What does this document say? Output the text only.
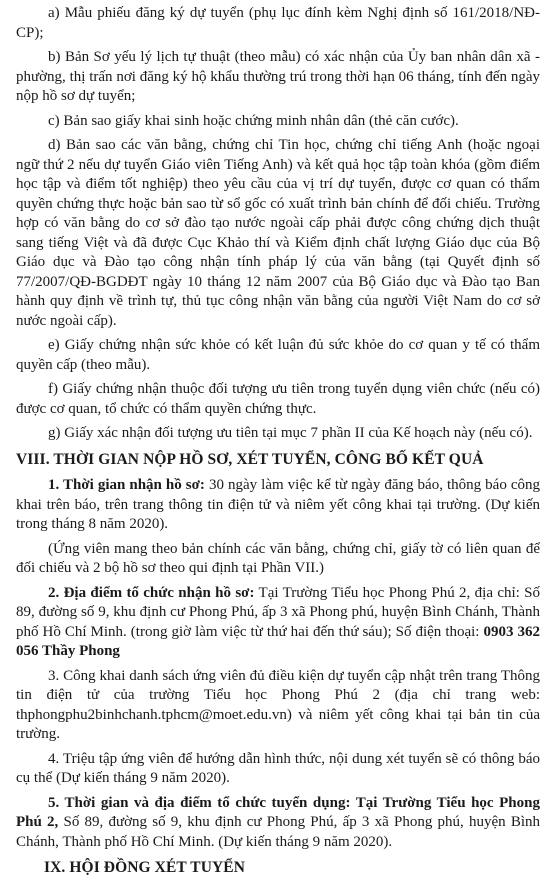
a) Mẫu phiếu đăng ký dự tuyển (phụ lục đính kèm Nghị định số 161/2018/NĐ-CP);

b) Bản Sơ yếu lý lịch tự thuật (theo mẫu) có xác nhận của Ủy ban nhân dân xã - phường, thị trấn nơi đăng ký hộ khẩu thường trú trong thời hạn 06 tháng, tính đến ngày nộp hồ sơ dự tuyển;

c) Bản sao giấy khai sinh hoặc chứng minh nhân dân (thẻ căn cước).

d) Bản sao các văn bằng, chứng chỉ Tin học, chứng chỉ tiếng Anh (hoặc ngoại ngữ thứ 2 nếu dự tuyển Giáo viên Tiếng Anh) và kết quả học tập toàn khóa (gồm điểm học tập và điểm tốt nghiệp) theo yêu cầu của vị trí dự tuyển, được cơ quan có thẩm quyền chứng thực hoặc bản sao từ sổ gốc có xuất trình bản chính để đối chiếu. Trường hợp có văn bằng do cơ sở đào tạo nước ngoài cấp phải được công chứng dịch thuật sang tiếng Việt và đã được Cục Khảo thí và Kiểm định chất lượng Giáo dục của Bộ Giáo dục và Đào tạo công nhận tính pháp lý của văn bằng (tại Quyết định số 77/2007/QĐ-BGDĐT ngày 10 tháng 12 năm 2007 của Bộ Giáo dục và Đào tạo Ban hành quy định về trình tự, thủ tục công nhận văn bằng của người Việt Nam do cơ sở nước ngoài cấp).

e) Giấy chứng nhận sức khỏe có kết luận đủ sức khỏe do cơ quan y tế có thẩm quyền cấp (theo mẫu).

f) Giấy chứng nhận thuộc đối tượng ưu tiên trong tuyển dụng viên chức (nếu có) được cơ quan, tổ chức có thẩm quyền chứng thực.

g) Giấy xác nhận đối tượng ưu tiên tại mục 7 phần II của Kế hoạch này (nếu có).

VIII. THỜI GIAN NỘP HỒ SƠ, XÉT TUYỂN, CÔNG BỐ KẾT QUẢ

1. Thời gian nhận hồ sơ: 30 ngày làm việc kể từ ngày đăng báo, thông báo công khai trên báo, trên trang thông tin điện tử và niêm yết công khai tại trường. (Dự kiến trong tháng 8 năm 2020).

(Ứng viên mang theo bản chính các văn bằng, chứng chỉ, giấy tờ có liên quan để đối chiếu và 2 bộ hồ sơ theo qui định tại Phần VII.)

2. Địa điểm tổ chức nhận hồ sơ: Tại Trường Tiểu học Phong Phú 2, địa chỉ: Số 89, đường số 9, khu định cư Phong Phú, ấp 3 xã Phong phú, huyện Bình Chánh, Thành phố Hồ Chí Minh. (trong giờ làm việc từ thứ hai đến thứ sáu); Số điện thoại: 0903 362 056 Thầy Phong

3. Công khai danh sách ứng viên đủ điều kiện dự tuyển cập nhật trên trang Thông tin điện tử của trường Tiểu học Phong Phú 2 (địa chỉ trang web: thphongphu2binhchanh.tphcm@moet.edu.vn) và niêm yết công khai tại bản tin của trường.

4. Triệu tập ứng viên để hướng dẫn hình thức, nội dung xét tuyển sẽ có thông báo cụ thể (Dự kiến tháng 9 năm 2020).

5. Thời gian và địa điểm tổ chức tuyển dụng: Tại Trường Tiểu học Phong Phú 2, Số 89, đường số 9, khu định cư Phong Phú, ấp 3 xã Phong phú, huyện Bình Chánh, Thành phố Hồ Chí Minh. (Dự kiến tháng 9 năm 2020).

IX. HỘI ĐỒNG XÉT TUYỂN
